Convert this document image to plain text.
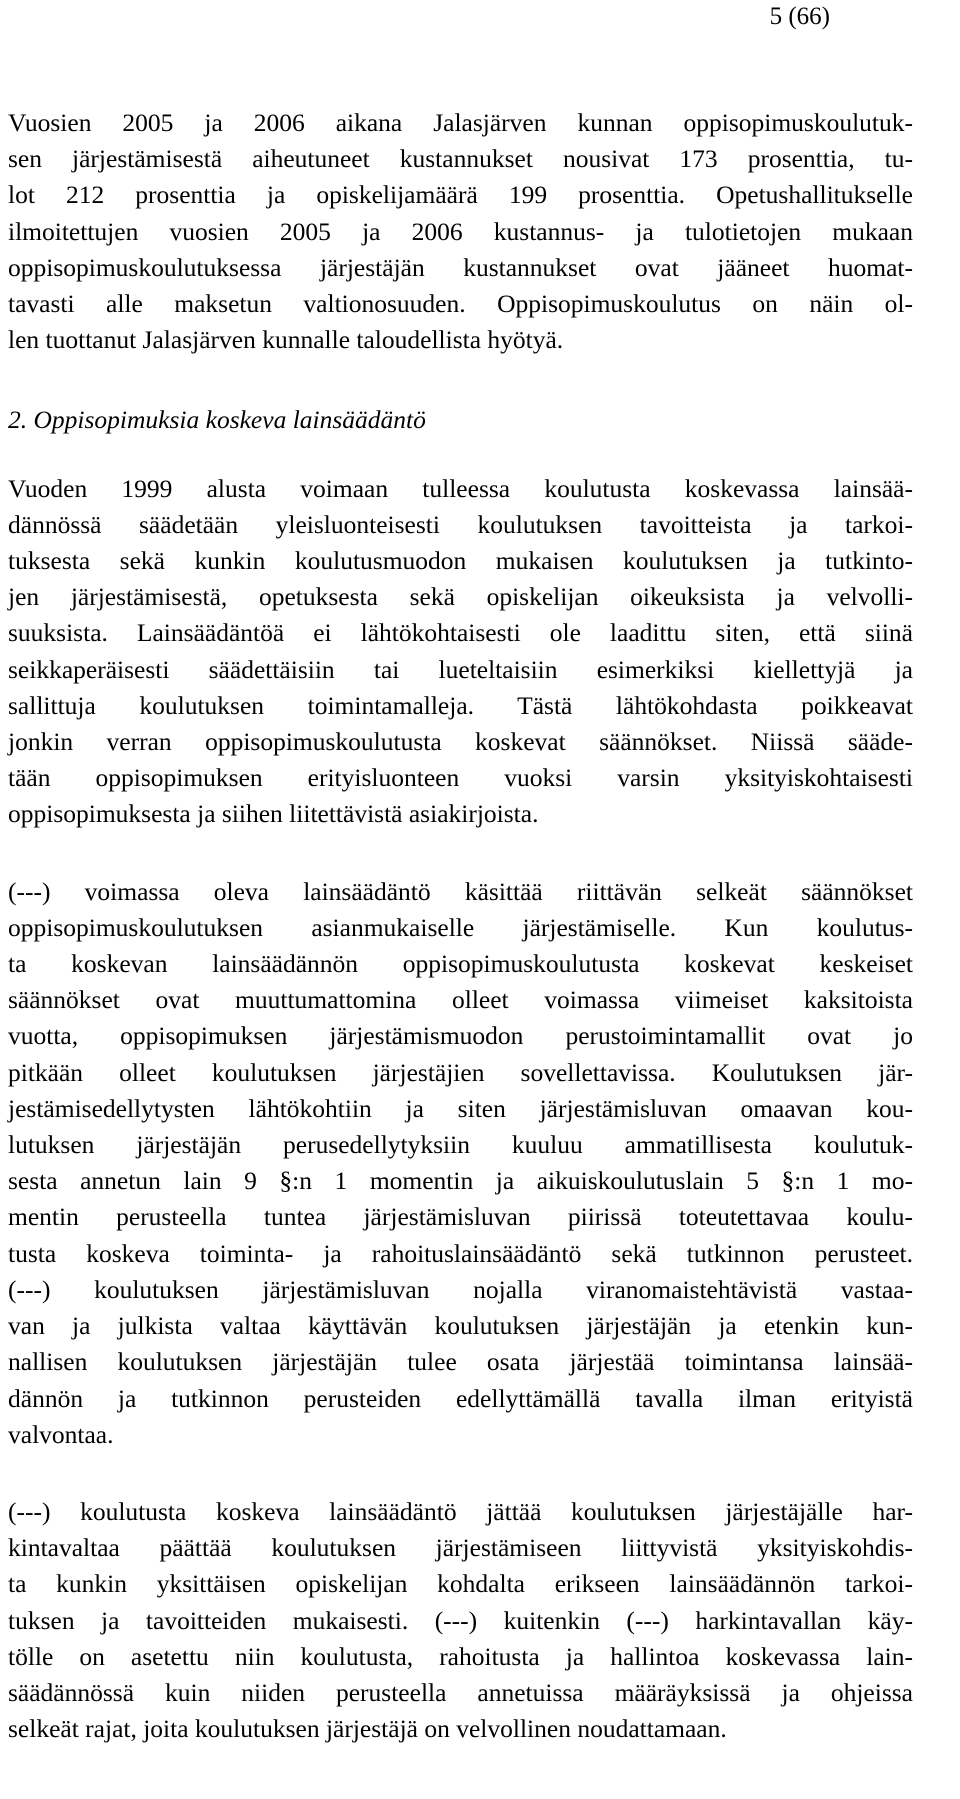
5 (66)
Vuosien 2005 ja 2006 aikana Jalasjärven kunnan oppisopimuskoulutuk-
sen järjestämisestä aiheutuneet kustannukset nousivat 173 prosenttia, tu-
lot 212 prosenttia ja opiskelijamäärä 199 prosenttia. Opetushallitukselle
ilmoitettujen vuosien 2005 ja 2006 kustannus- ja tulotietojen mukaan
oppisopimuskoulutuksessa järjestäjän kustannukset ovat jääneet huomat-
tavasti alle maksetun valtionosuuden. Oppisopimuskoulutus on näin ol-
len tuottanut Jalasjärven kunnalle taloudellista hyötyä.
2. Oppisopimuksia koskeva lainsäädäntö
Vuoden 1999 alusta voimaan tulleessa koulutusta koskevassa lainsää-
dännössä säädetään yleisluonteisesti koulutuksen tavoitteista ja tarkoi-
tuksesta sekä kunkin koulutusmuodon mukaisen koulutuksen ja tutkinto-
jen järjestämisestä, opetuksesta sekä opiskelijan oikeuksista ja velvolli-
suuksista. Lainsäädäntöä ei lähtökohtaisesti ole laadittu siten, että siinä
seikkaperäisesti säädettäisiin tai lueteltaisiin esimerkiksi kiellettyjä ja
sallittuja koulutuksen toimintamalleja. Tästä lähtökohdasta poikkeavat
jonkin verran oppisopimuskoulutusta koskevat säännökset. Niissä sääde-
tään oppisopimuksen erityisluonteen vuoksi varsin yksityiskohtaisesti
oppisopimuksesta ja siihen liitettävistä asiakirjoista.
(---) voimassa oleva lainsäädäntö käsittää riittävän selkeät säännökset
oppisopimuskoulutuksen asianmukaiselle järjestämiselle. Kun koulutus-
ta koskevan lainsäädännön oppisopimuskoulutusta koskevat keskeiset
säännökset ovat muuttumattomina olleet voimassa viimeiset kaksitoista
vuotta, oppisopimuksen järjestämismuodon perustoimintamallit ovat jo
pitkään olleet koulutuksen järjestäjien sovellettavissa. Koulutuksen jär-
jestämisedellytysten lähtökohtiin ja siten järjestämisluvan omaavan kou-
lutuksen järjestäjän perusedellytyksiin kuuluu ammatillisesta koulutuk-
sesta annetun lain 9 §:n 1 momentin ja aikuiskoulutuslain 5 §:n 1 mo-
mentin perusteella tuntea järjestämisluvan piirissä toteutettavaa koulu-
tusta koskeva toiminta- ja rahoituslainsäädäntö sekä tutkinnon perusteet.
(---) koulutuksen järjestämisluvan nojalla viranomaistehtävistä vastaa-
van ja julkista valtaa käyttävän koulutuksen järjestäjän ja etenkin kun-
nallisen koulutuksen järjestäjän tulee osata järjestää toimintansa lainsää-
dännön ja tutkinnon perusteiden edellyttämällä tavalla ilman erityistä
valvontaa.
(---) koulutusta koskeva lainsäädäntö jättää koulutuksen järjestäjälle har-
kintavaltaa päättää koulutuksen järjestämiseen liittyvistä yksityiskohdis-
ta kunkin yksittäisen opiskelijan kohdalta erikseen lainsäädännön tarkoi-
tuksen ja tavoitteiden mukaisesti. (---) kuitenkin (---) harkintavallan käy-
tölle on asetettu niin koulutusta, rahoitusta ja hallintoa koskevassa lain-
säädännössä kuin niiden perusteella annetuissa määräyksissä ja ohjeissa
selkeät rajat, joita koulutuksen järjestäjä on velvollinen noudattamaan.
